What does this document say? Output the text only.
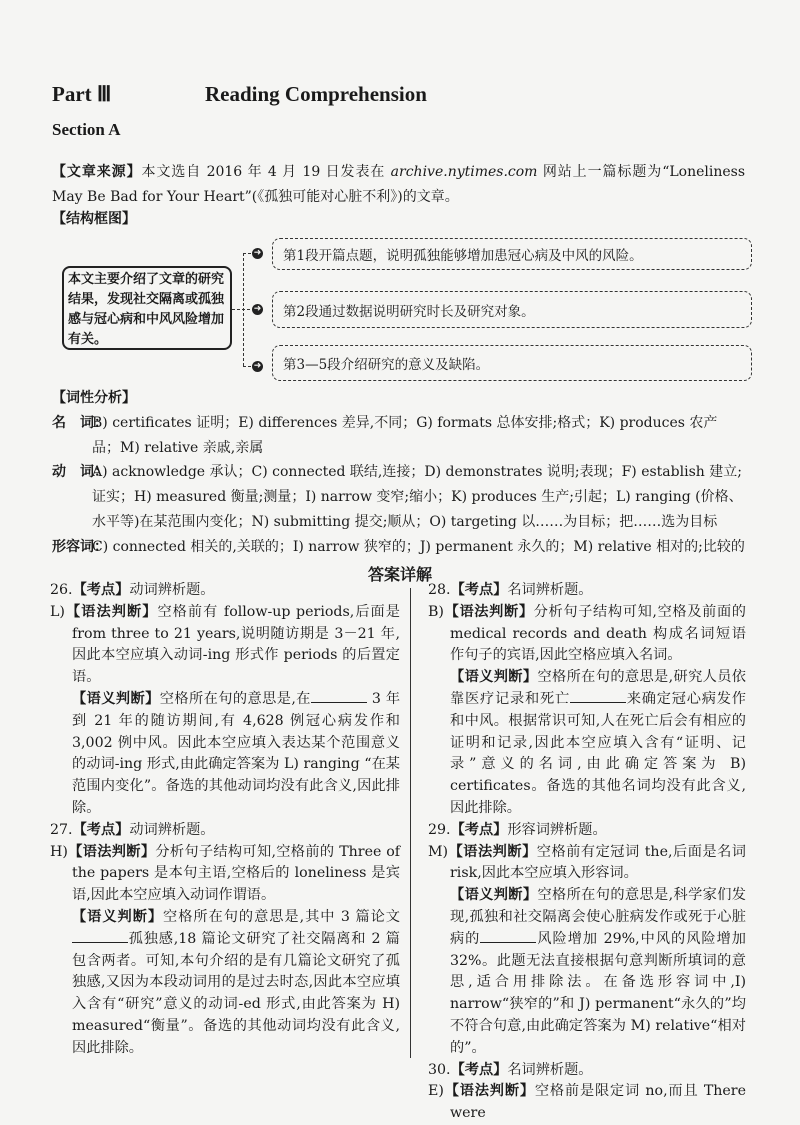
Part Ⅲ	Reading Comprehension
Section A
【文章来源】本文选自 2016 年 4 月 19 日发表在 archive.nytimes.com 网站上一篇标题为“Loneliness May Be Bad for Your Heart”(《孤独可能对心脏不利》)的文章。
【结构框图】
本文主要介绍了文章的研究结果，发现社交隔离或孤独感与冠心病和中风风险增加有关。
➜
➜
➜
第1段开篇点题，说明孤独能够增加患冠心病及中风的风险。
第2段通过数据说明研究时长及研究对象。
第3—5段介绍研究的意义及缺陷。
【词性分析】
名　词：
B) certificates 证明；E) differences 差异,不同；G) formats 总体安排;格式；K) produces 农产品；M) relative 亲戚,亲属
动　词：
A) acknowledge 承认；C) connected 联结,连接；D) demonstrates 说明;表现；F) establish 建立;证实；H) measured 衡量;测量；I) narrow 变窄;缩小；K) produces 生产;引起；L) ranging (价格、水平等)在某范围内变化；N) submitting 提交;顺从；O) targeting 以……为目标；把……选为目标
形容词：
C) connected 相关的,关联的；I) narrow 狭窄的；J) permanent 永久的；M) relative 相对的;比较的
答案详解

26.【考点】动词辨析题。

L)【语法判断】空格前有 follow-up periods,后面是 from three to 21 years,说明随访期是 3－21 年,因此本空应填入动词-ing 形式作 periods 的后置定语。

【语义判断】空格所在句的意思是,在	3 年到 21 年的随访期间,有 4,628 例冠心病发作和 3,002 例中风。因此本空应填入表达某个范围意义的动词-ing 形式,由此确定答案为 L) ranging “在某范围内变化”。备选的其他动词均没有此含义,因此排除。

27.【考点】动词辨析题。

H)【语法判断】分析句子结构可知,空格前的 Three of the papers 是本句主语,空格后的 loneliness 是宾语,因此本空应填入动词作谓语。

【语义判断】空格所在句的意思是,其中 3 篇论文 孤独感,18 篇论文研究了社交隔离和 2 篇包含两者。可知,本句介绍的是有几篇论文研究了孤独感,又因为本段动词用的是过去时态,因此本空应填入含有“研究”意义的动词-ed 形式,由此答案为 H) measured“衡量”。备选的其他动词均没有此含义,因此排除。

28.【考点】名词辨析题。

B)【语法判断】分析句子结构可知,空格及前面的 medical records and death 构成名词短语作句子的宾语,因此空格应填入名词。

【语义判断】空格所在句的意思是,研究人员依靠医疗记录和死亡	来确定冠心病发作和中风。根据常识可知,人在死亡后会有相应的证明和记录,因此本空应填入含有“证明、记录”意义的名词,由此确定答案为 B) certificates。备选的其他名词均没有此含义,因此排除。

29.【考点】形容词辨析题。

M)【语法判断】空格前有定冠词 the,后面是名词 risk,因此本空应填入形容词。

【语义判断】空格所在句的意思是,科学家们发现,孤独和社交隔离会使心脏病发作或死于心脏病的	风险增加 29%,中风的风险增加 32%。此题无法直接根据句意判断所填词的意思,适合用排除法。在备选形容词中,I) narrow“狭窄的”和 J) permanent“永久的”均不符合句意,由此确定答案为 M) relative“相对的”。

30.【考点】名词辨析题。

E)【语法判断】空格前是限定词 no,而且 There were
